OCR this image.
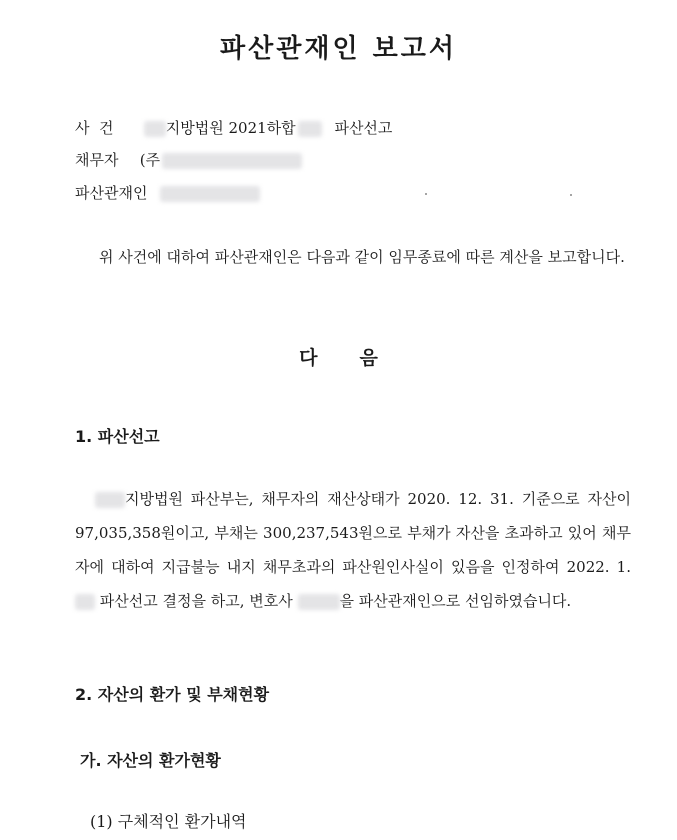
파산관재인 보고서
사  건	지방법원 2021하합	파산선고
채무자 (주
파산관재인
위 사건에 대하여 파산관재인은 다음과 같이 임무종료에 따른 계산을 보고합니다.
다 음
1. 파산선고
지방법원 파산부는, 채무자의 재산상태가 2020. 12. 31. 기준으로 자산이 97,035,358원이고, 부채는 300,237,543원으로 부채가 자산을 초과하고 있어 채무자에 대하여 지급불능 내지 채무초과의 파산원인사실이 있음을 인정하여 2022. 1.  파산선고 결정을 하고, 변호사	을 파산관재인으로 선임하였습니다.
2. 자산의 환가 및 부채현황
가. 자산의 환가현황
(1) 구체적인 환가내역
